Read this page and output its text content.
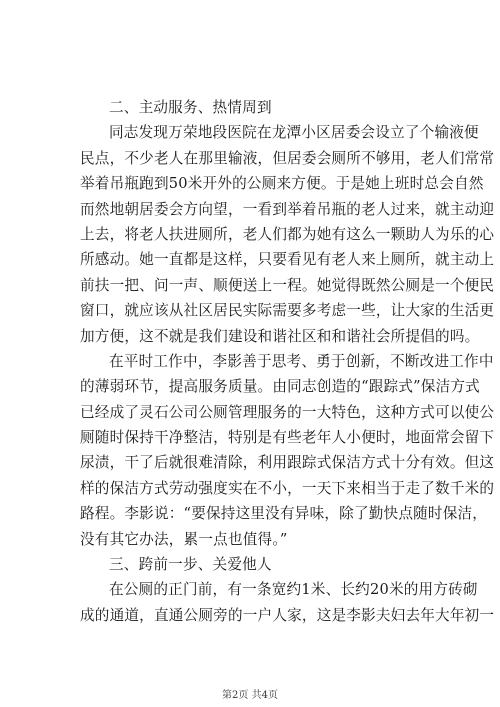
二、主动服务、热情周到
同志发现万荣地段医院在龙潭小区居委会设立了个输液便
民点，不少老人在那里输液，但居委会厕所不够用，老人们常常
举着吊瓶跑到50米开外的公厕来方便。于是她上班时总会自然
而然地朝居委会方向望，一看到举着吊瓶的老人过来，就主动迎
上去，将老人扶进厕所，老人们都为她有这么一颗助人为乐的心
所感动。她一直都是这样，只要看见有老人来上厕所，就主动上
前扶一把、问一声、顺便送上一程。她觉得既然公厕是一个便民
窗口，就应该从社区居民实际需要多考虑一些，让大家的生活更
加方便，这不就是我们建设和谐社区和和谐社会所提倡的吗。
在平时工作中，李影善于思考、勇于创新，不断改进工作中
的薄弱环节，提高服务质量。由同志创造的“跟踪式”保洁方式
已经成了灵石公司公厕管理服务的一大特色，这种方式可以使公
厕随时保持干净整洁，特别是有些老年人小便时，地面常会留下
尿渍，干了后就很难清除，利用跟踪式保洁方式十分有效。但这
样的保洁方式劳动强度实在不小，一天下来相当于走了数千米的
路程。李影说：“要保持这里没有异味，除了勤快点随时保洁，
没有其它办法，累一点也值得。”
三、跨前一步、关爱他人
在公厕的正门前，有一条宽约1米、长约20米的用方砖砌
成的通道，直通公厕旁的一户人家，这是李影夫妇去年大年初一
第2页 共4页
